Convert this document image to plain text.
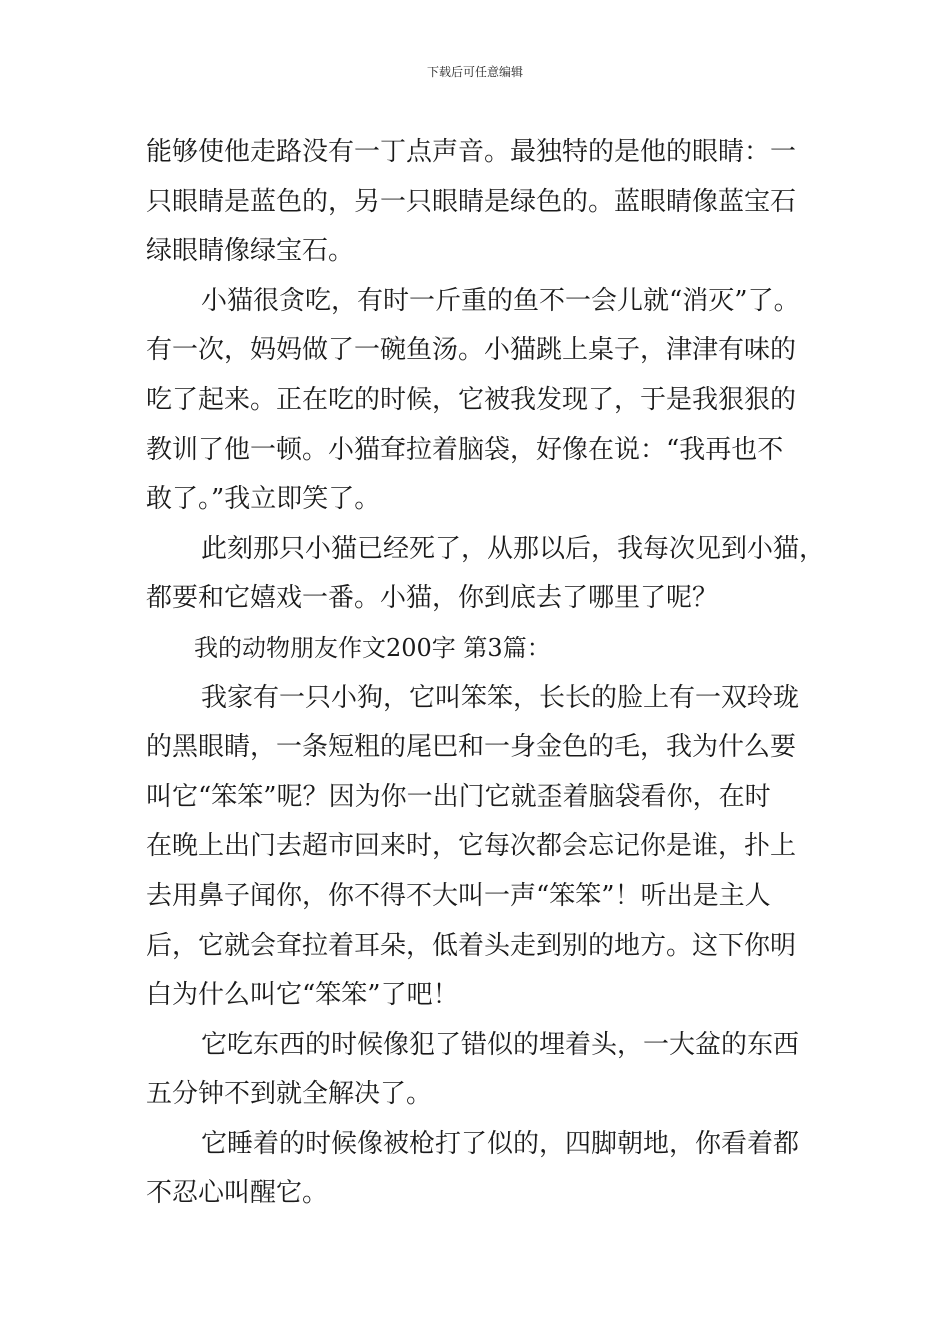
下载后可任意编辑
能够使他走路没有一丁点声音。最独特的是他的眼睛：一
只眼睛是蓝色的，另一只眼睛是绿色的。蓝眼睛像蓝宝石
绿眼睛像绿宝石。
小猫很贪吃，有时一斤重的鱼不一会儿就“消灭”了。
有一次，妈妈做了一碗鱼汤。小猫跳上桌子，津津有味的
吃了起来。正在吃的时候，它被我发现了，于是我狠狠的
教训了他一顿。小猫耷拉着脑袋，好像在说：“我再也不
敢了。”我立即笑了。
此刻那只小猫已经死了，从那以后，我每次见到小猫，
都要和它嬉戏一番。小猫，你到底去了哪里了呢？
我的动物朋友作文200字 第3篇：
我家有一只小狗，它叫笨笨，长长的脸上有一双玲珑
的黑眼睛，一条短粗的尾巴和一身金色的毛，我为什么要
叫它“笨笨”呢？因为你一出门它就歪着脑袋看你，在时
在晚上出门去超市回来时，它每次都会忘记你是谁，扑上
去用鼻子闻你，你不得不大叫一声“笨笨”！听出是主人
后，它就会耷拉着耳朵，低着头走到别的地方。这下你明
白为什么叫它“笨笨”了吧！
它吃东西的时候像犯了错似的埋着头，一大盆的东西
五分钟不到就全解决了。
它睡着的时候像被枪打了似的，四脚朝地，你看着都
不忍心叫醒它。
